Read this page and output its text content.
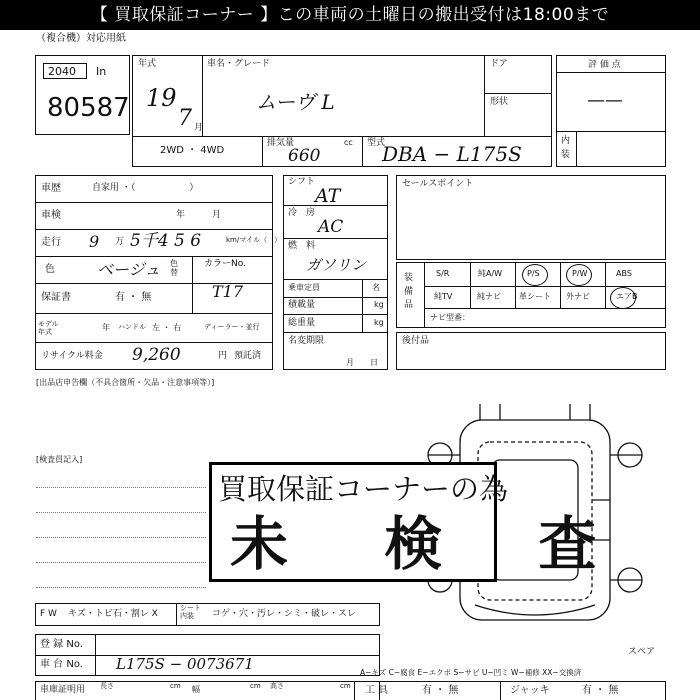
【 買取保証コーナー 】この車両の土曜日の搬出受付は18:00まで
（複合機）対応用紙
2040 In
80587
年式
19
7 月
車名・グレード
ムーヴ L
ドア
形状
2WD ・ 4WD
排気量	cc
660
型式
DBA − L175S
評 価 点
——
内
装
車歴	自家用 ・（　　　　　　）
車検	年　　　月
走行 9 万 5千4 5 6	km/マイル（　）
色	ベージュ 色替
カラーNo.
T17
保証書	有 ・ 無
モデル年式	年 ハンドル 左 ・ 右	ディーラー・並行
リサイクル料金 9,260	円 預託済
シフト
AT
冷　房
AC
燃　料
ガソリン
乗車定員	名
積載量	kg
総重量	kg
名変期限
月　　日
セールスポイント
装備品
S/R	純A/W	P/S	P/W	ABS
純TV	純ナビ 革シート 外ナビ	エアB
ナビ型番：
後付品
[出品店申告欄（不具合箇所・欠品・注意事項等）]
[検査員記入]
買取保証コーナーの為
未 検 査
F W キズ・トビ石・割レ X
シート内装	コゲ・穴・汚レ・シミ・破レ・スレ
登 録 No.
車 台 No. L175S − 0073671
車庫証明用 長さ	cm 幅	cm 高さ	cm
スペア
A−キズ C−腐食 E−エクボ S−サビ U−凹ミ W−補修 XX−交換済
工 具	有 ・ 無	ジャッキ	有 ・ 無
